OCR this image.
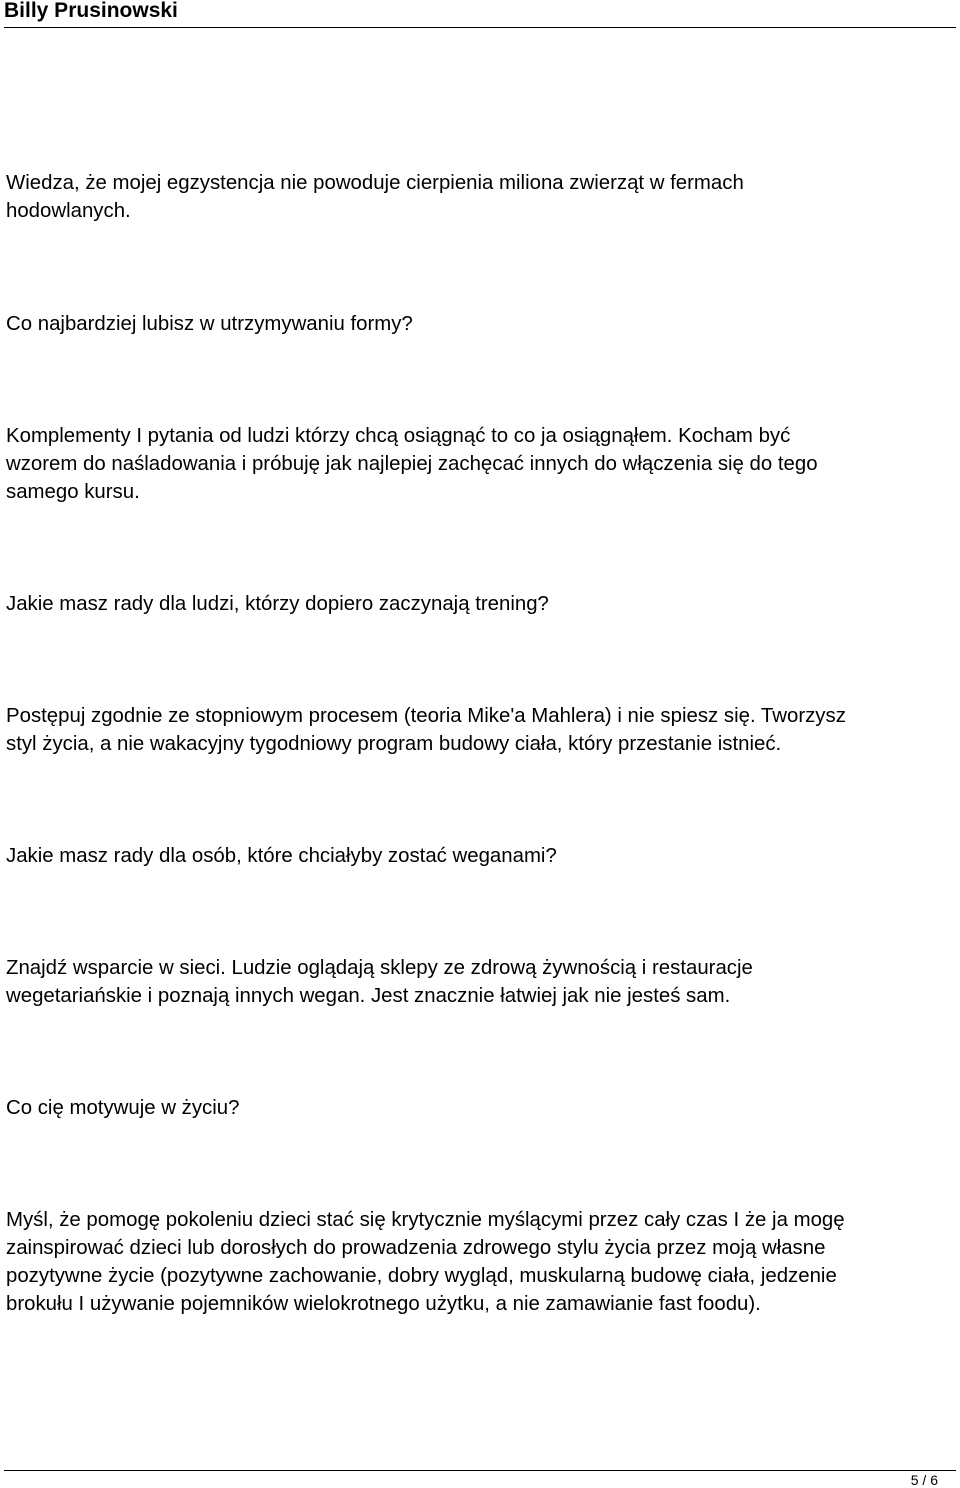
Billy Prusinowski

Wiedza, że mojej egzystencja nie powoduje cierpienia miliona zwierząt w fermach
hodowlanych.

Co najbardziej lubisz w utrzymywaniu formy?

Komplementy I pytania od ludzi którzy chcą osiągnąć to co ja osiągnąłem. Kocham być
wzorem do naśladowania i próbuję jak najlepiej zachęcać innych do włączenia się do tego
samego kursu.

Jakie masz rady dla ludzi, którzy dopiero zaczynają trening?

Postępuj zgodnie ze stopniowym procesem (teoria Mike'a Mahlera) i nie spiesz się. Tworzysz
styl życia, a nie wakacyjny tygodniowy program budowy ciała, który przestanie istnieć.

Jakie masz rady dla osób, które chciałyby zostać weganami?

Znajdź wsparcie w sieci. Ludzie oglądają sklepy ze zdrową żywnością i restauracje
wegetariańskie i poznają innych wegan. Jest znacznie łatwiej jak nie jesteś sam.

Co cię motywuje w życiu?

Myśl, że pomogę pokoleniu dzieci stać się krytycznie myślącymi przez cały czas I że ja mogę
zainspirować dzieci lub dorosłych do prowadzenia zdrowego stylu życia przez moją własne
pozytywne życie (pozytywne zachowanie, dobry wygląd, muskularną budowę ciała, jedzenie
brokułu I używanie pojemników wielokrotnego użytku, a nie zamawianie fast foodu).

5 / 6
